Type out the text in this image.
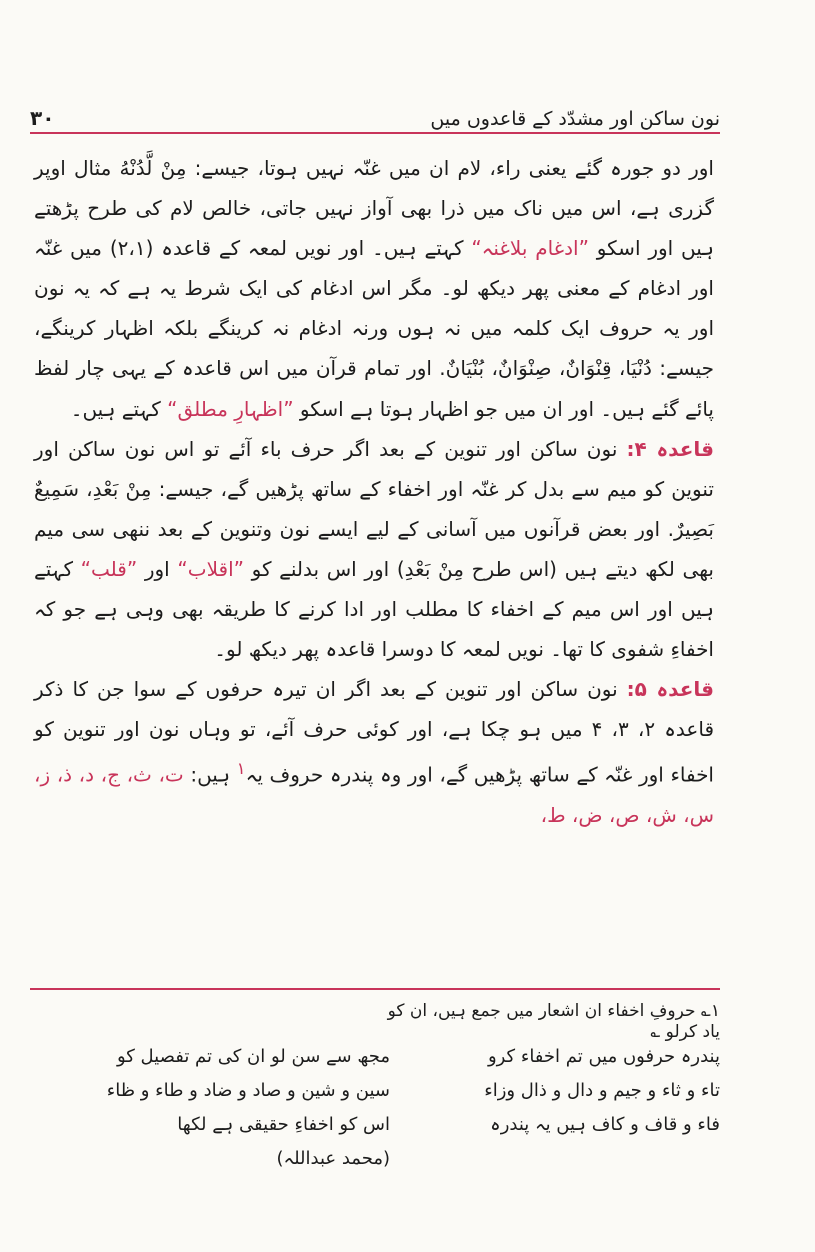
۳۰	نون ساکن اور مشدّد کے قاعدوں میں

اور دو جورہ گئے یعنی راء، لام ان میں غنّہ نہیں ہوتا، جیسے: مِنْ لَّدُنْهُ مثال اوپر گزری ہے، اس میں ناک میں ذرا بھی آواز نہیں جاتی، خالص لام کی طرح پڑھتے ہیں اور اسکو ”ادغام بلاغنہ“ کہتے ہیں۔ اور نویں لمعہ کے قاعدہ (۲،۱) میں غنّہ اور ادغام کے معنی پھر دیکھ لو۔ مگر اس ادغام کی ایک شرط یہ ہے کہ یہ نون اور یہ حروف ایک کلمہ میں نہ ہوں ورنہ ادغام نہ کرینگے بلکہ اظہار کرینگے، جیسے: دُنْيَا، قِنْوَانٌ، صِنْوَانٌ، بُنْيَانٌ. اور تمام قرآن میں اس قاعدہ کے یہی چار لفظ پائے گئے ہیں۔ اور ان میں جو اظہار ہوتا ہے اسکو ”اظہارِ مطلق“ کہتے ہیں۔

قاعدہ ۴: نون ساکن اور تنوین کے بعد اگر حرف باء آئے تو اس نون ساکن اور تنوین کو میم سے بدل کر غنّہ اور اخفاء کے ساتھ پڑھیں گے، جیسے: مِنْ بَعْدِ، سَمِيعٌ بَصِيرٌ. اور بعض قرآنوں میں آسانی کے لیے ایسے نون وتنوین کے بعد ننھی سی میم بھی لکھ دیتے ہیں (اس طرح مِنْ بَعْدِ) اور اس بدلنے کو ”اقلاب“ اور ”قلب“ کہتے ہیں اور اس میم کے اخفاء کا مطلب اور ادا کرنے کا طریقہ بھی وہی ہے جو کہ اخفاءِ شفوی کا تھا۔ نویں لمعہ کا دوسرا قاعدہ پھر دیکھ لو۔

قاعدہ ۵: نون ساکن اور تنوین کے بعد اگر ان تیرہ حرفوں کے سوا جن کا ذکر قاعدہ ۲، ۳، ۴ میں ہو چکا ہے، اور کوئی حرف آئے، تو وہاں نون اور تنوین کو اخفاء اور غنّہ کے ساتھ پڑھیں گے، اور وہ پندرہ حروف یہ$^۱$ ہیں: ت، ث، ج، د، ذ، ز، س، ش، ص، ض، ط،

۱؎ حروفِ اخفاء ان اشعار میں جمع ہیں، ان کو یاد کرلو ؎
پندرہ حرفوں میں تم اخفاء کرو
تاء و ثاء و جیم و دال و ذال وزاء
فاء و قاف و کاف ہیں یہ پندرہ
مجھ سے سن لو ان کی تم تفصیل کو
سین و شین و صاد و ضاد و طاء و ظاء
اس کو اخفاءِ حقیقی ہے لکھا
(محمد عبداللہ)
